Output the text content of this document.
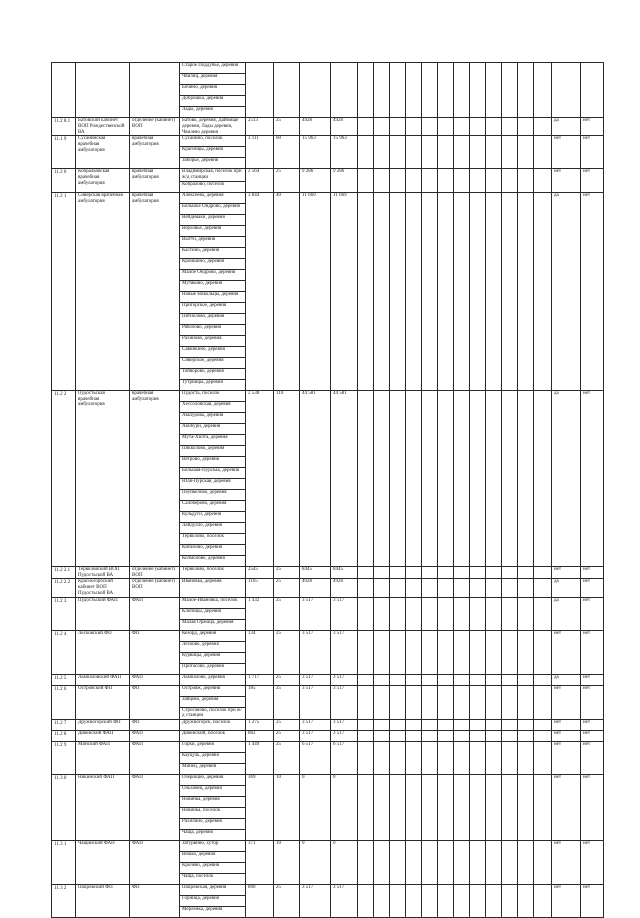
			Старое Поддубье, деревня																		
			Чвилиц, деревня																		
			Бочино, деревня																		
			Доброшка, деревня																		
			Лады, деревня																		
11.2 8.1	Батовский кабинет ВОП Рождественской ВА	отделение (кабинет) ВОП	Батово, деревня, Даймище деревня, Лады деревня, Чвилево деревня	2513	25	4928	4928													да	нет
11.1 9	Сусанинская врачебная амбулатория	врачебная амбулатория	Сусанино, поселок	3 111	60	15 963	15 963													нет	нет
			Красницы, деревня																		
			Заборье, деревня																		
11.2 0	Кобралковская врачебная амбулатория	врачебная амбулатория	Владимирская, поселок при ж/д станции	2 564	25	9 286	9 286													нет	нет
			Кобралово, поселок																		
11.2 1	Сиверская врачебная амбулатория	врачебная амбулатория	Алексеево, деревня	3 844	40	11 669	11 669													да	нет
			Большое Ондрово, деревня																		
			Вейдемаки, деревня																		
			Верховье, деревня																		
			Вытти, деревня																		
			Кастино, деревня																		
			Кроншино, деревня																		
			Малое Ондрово, деревня																		
			Мутяково, деревня																		
			Новые Никольцы, деревня																		
			Пригорское, деревня																		
			Пятнолово, деревня																		
			Рябочово, деревня																		
			Рахиново, деревня																		
			Савинкино, деревня																		
			Сиверское, деревня																		
			Тойворово, деревня																		
			Тутрницы, деревня																		
11.2 2	Пудостьская врачебная амбулатория	врачебная амбулатория	Пудость, поселок	2 538	110	44 581	44 581													да	нет
			Хессоловская, деревня																		
			Акшурова, деревня																		
			Акибури, деревня																		
			Мута-Хилта, деревня																		
			Пикколово, деревня																		
			Ветрово, деревня																		
			Большая-Пурскаа, деревня																		
			Юля-Пурская, деревня																		
			Пеункелово, деревня																		
			Салоберово, деревня																		
			Кульдуги, деревня																		
			Лайдулло, деревня																		
			Терволово, поселок																		
			Кипелово, деревня																		
			Колмолово, деревня																		
11.2 2.1	Терволовский ВОП Пудостьской ВА	отделение (кабинет) ВОП	Терволово, поселок	2545	25	8445	8445													нет	нет
11.2 2.2	Красногорбский кабинет ВОП Пудостьской ВА	отделение (кабинет) ВОП	Ивановка, деревня	1165	25	4928	4928													да	нет
11.2 3	Пудостьский ФАП	ФАП	Малое-Ивановка, поселок	1 432	25	3 517	3 517													да	нет
			Клопицы, деревня																		
			Малая Оржица, деревня																		
11.2 4	Лесковский ФП	ФП	Кезорд, деревня	134	25	3 517	3 517													нет	нет
			Лесково, деревня																		
			Курвицы, деревня																		
			Протасово, деревня																		
11.2 5	Лампаловский ФАП	ФАП	Лампалово, деревня	1 717	25	3 517	3 517													да	нет
11.2 6	Островский ФП	ФП	Островж, деревня	185	25	3 517	3 517													нет	нет
			Зайцево, деревня																		
			Строганово, поселок при ж/д станции																		
11.2 7	Дружногорский ФП	ФП	Дружногорск, поселок	1 275	25	3 517	3 517													нет	нет
11.2 8	Дивенский ФАП	ФАП	Дивенский, поселок	882	25	3 517	3 517													нет	нет
11.2 9	Минский ФАП	ФАП	Горки, деревня	1 449	25	6 517	6 517													нет	нет
			Кауцуль, деревня																		
			Минец, деревня																		
11.3 0	Никинский ФАП	ФАП	Озерищно, деревня	369	10	0	0													нет	нет
			Ольховец, деревня																		
			Новинка, деревня																		
			Новинка, поселок																		
			Рахилино, деревня																		
			Чаща, деревня																		
11.3 1	Чащинский ФАП	ФАП	Затурвино, хутор	371	10	0	0													нет	нет
			Вешко, деревня																		
			Кролево, деревня																		
			Чаща, поселок																		
11.3 2	Покровский ФП	ФП	Покровская, деревня	800	25	3 517	3 517													нет	нет
			Горница, деревня																		
			Мерленка, деревня																		
